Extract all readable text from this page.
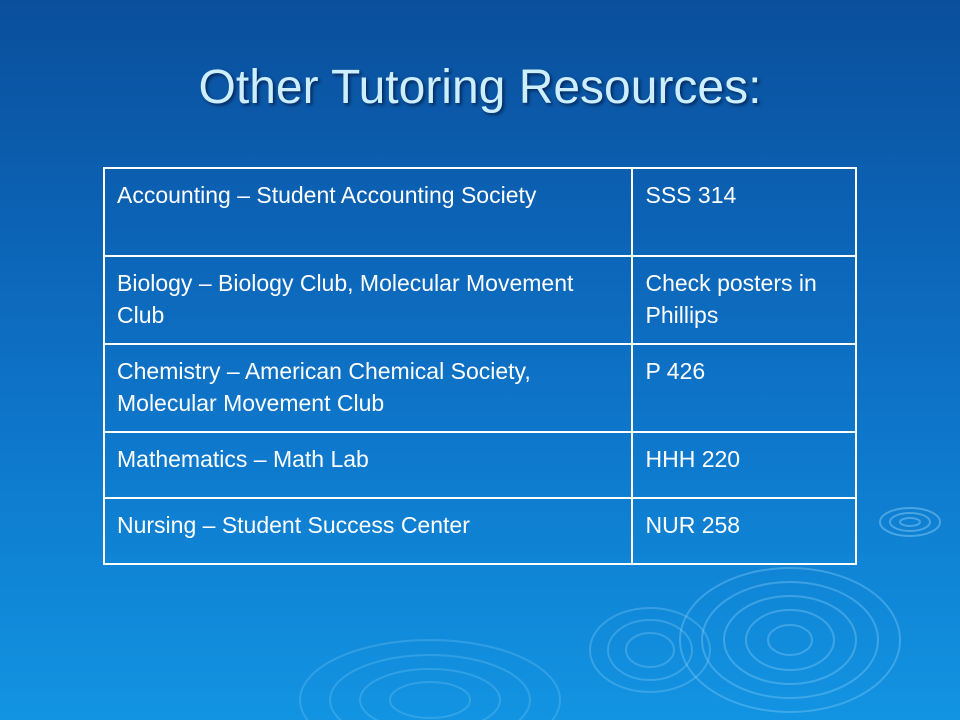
Other Tutoring Resources:
Accounting – Student Accounting Society	SSS 314
Biology – Biology Club, Molecular Movement Club	Check posters in Phillips
Chemistry – American Chemical Society, Molecular Movement Club	P 426
Mathematics – Math Lab	HHH 220
Nursing – Student Success Center	NUR 258
